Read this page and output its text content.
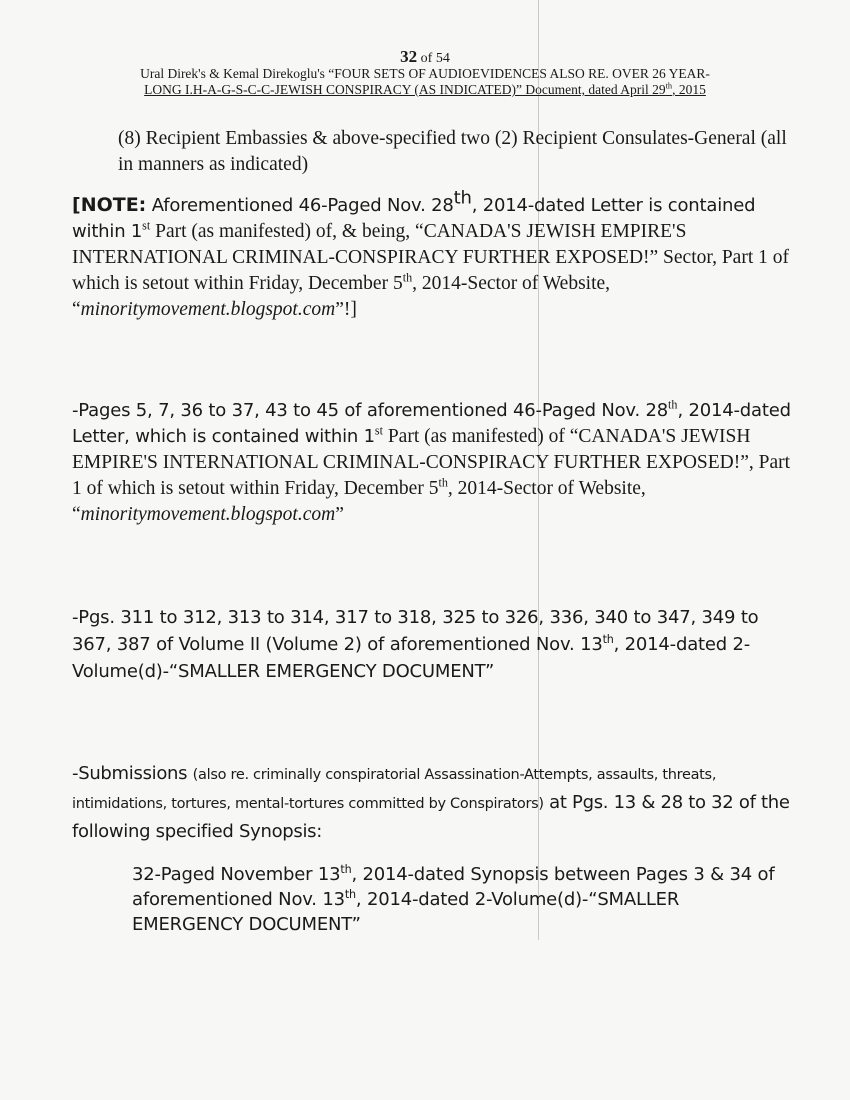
32 of 54
Ural Direk's & Kemal Direkoglu's “FOUR SETS OF AUDIOEVIDENCES ALSO RE. OVER 26 YEAR-
LONG I.H-A-G-S-C-C-JEWISH CONSPIRACY (AS INDICATED)” Document, dated April 29th, 2015
(8) Recipient Embassies & above-specified two (2) Recipient Consulates-General (all in manners as indicated)
[NOTE: Aforementioned 46-Paged Nov. 28th, 2014-dated Letter is contained within 1st Part (as manifested) of, & being, “CANADA'S JEWISH EMPIRE'S INTERNATIONAL CRIMINAL-CONSPIRACY FURTHER EXPOSED!” Sector, Part 1 of which is setout within Friday, December 5th, 2014-Sector of Website, “minoritymovement.blogspot.com”!]
-Pages 5, 7, 36 to 37, 43 to 45 of aforementioned 46-Paged Nov. 28th, 2014-dated Letter, which is contained within 1st Part (as manifested) of “CANADA'S JEWISH EMPIRE'S INTERNATIONAL CRIMINAL-CONSPIRACY FURTHER EXPOSED!”, Part 1 of which is setout within Friday, December 5th, 2014-Sector of Website, “minoritymovement.blogspot.com”
-Pgs. 311 to 312, 313 to 314, 317 to 318, 325 to 326, 336, 340 to 347, 349 to 367, 387 of Volume II (Volume 2) of aforementioned Nov. 13th, 2014-dated 2-Volume(d)-“SMALLER EMERGENCY DOCUMENT”
-Submissions (also re. criminally conspiratorial Assassination-Attempts, assaults, threats, intimidations, tortures, mental-tortures committed by Conspirators) at Pgs. 13 & 28 to 32 of the following specified Synopsis:
32-Paged November 13th, 2014-dated Synopsis between Pages 3 & 34 of aforementioned Nov. 13th, 2014-dated 2-Volume(d)-“SMALLER EMERGENCY DOCUMENT”
